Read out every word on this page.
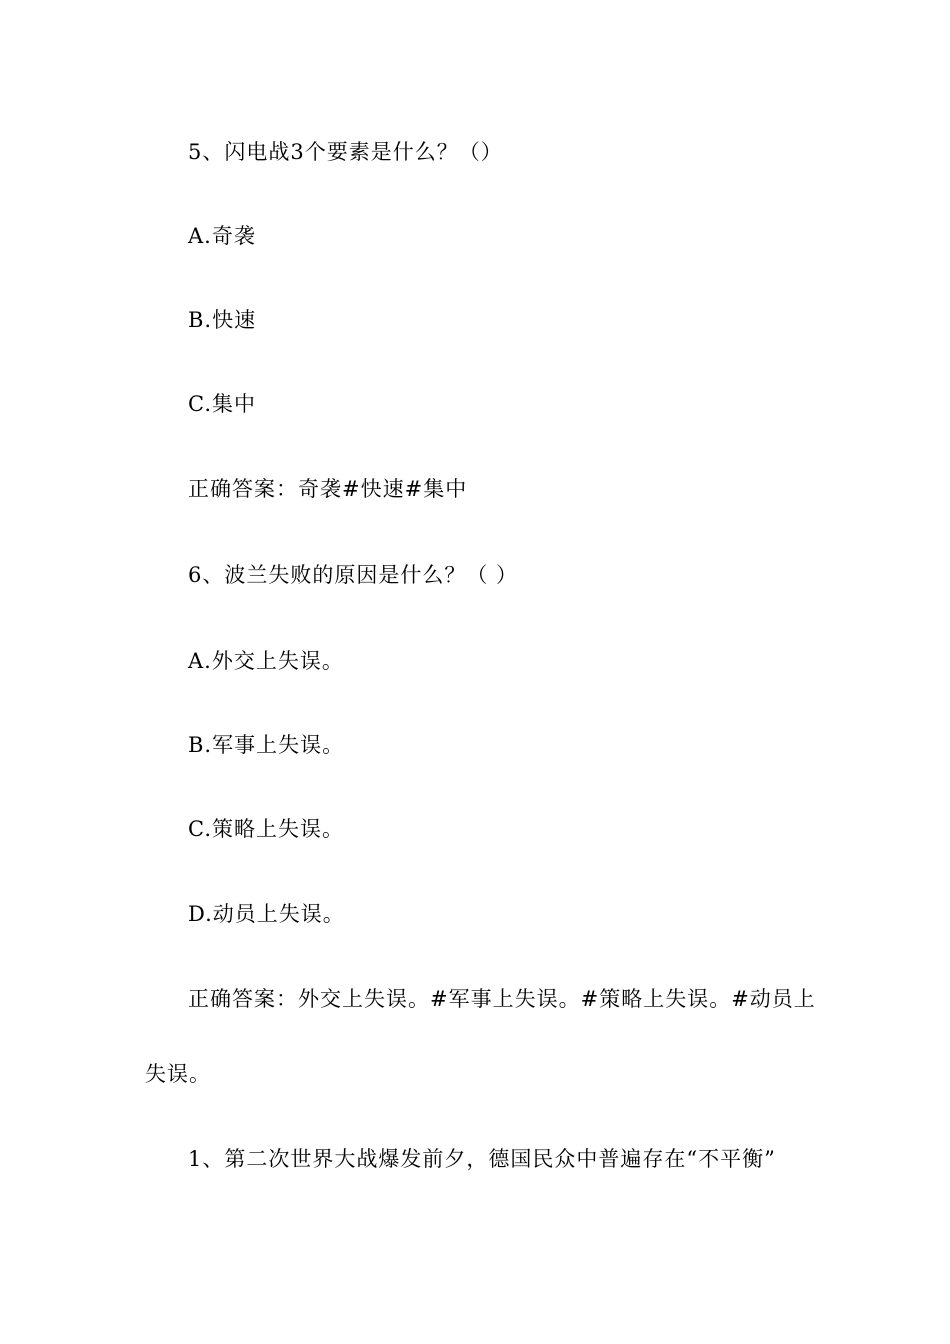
5、闪电战3个要素是什么？（）
A.奇袭
B.快速
C.集中
正确答案：奇袭#快速#集中
6、波兰失败的原因是什么？（ ）
A.外交上失误。
B.军事上失误。
C.策略上失误。
D.动员上失误。
正确答案：外交上失误。#军事上失误。#策略上失误。#动员上
失误。
1、第二次世界大战爆发前夕，德国民众中普遍存在“不平衡”
